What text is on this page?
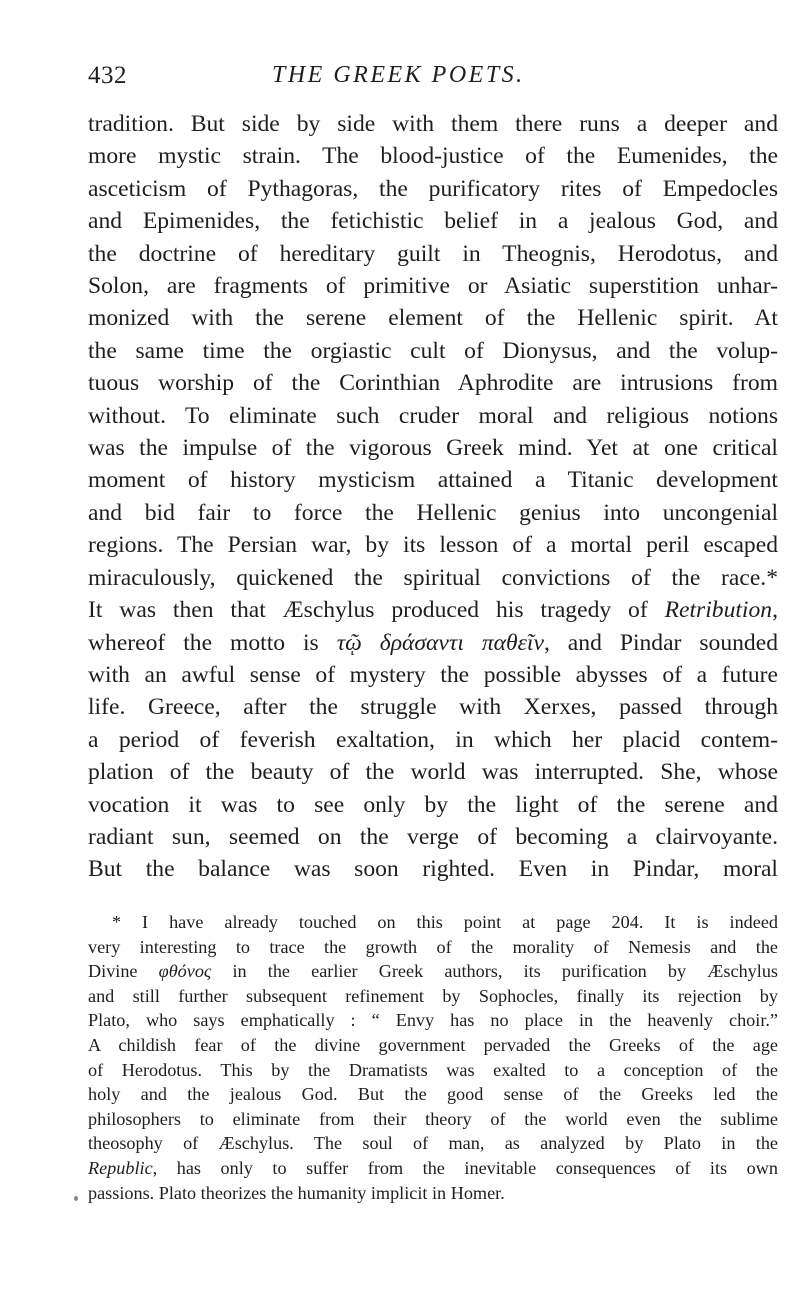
432	THE GREEK POETS.
tradition. But side by side with them there runs a deeper and
more mystic strain. The blood-justice of the Eumenides, the
asceticism of Pythagoras, the purificatory rites of Empedocles
and Epimenides, the fetichistic belief in a jealous God, and
the doctrine of hereditary guilt in Theognis, Herodotus, and
Solon, are fragments of primitive or Asiatic superstition unhar-
monized with the serene element of the Hellenic spirit. At
the same time the orgiastic cult of Dionysus, and the volup-
tuous worship of the Corinthian Aphrodite are intrusions from
without. To eliminate such cruder moral and religious notions
was the impulse of the vigorous Greek mind. Yet at one critical
moment of history mysticism attained a Titanic development
and bid fair to force the Hellenic genius into uncongenial
regions. The Persian war, by its lesson of a mortal peril escaped
miraculously, quickened the spiritual convictions of the race.*
It was then that Æschylus produced his tragedy of Retribution,
whereof the motto is τῷ δράσαντι παθεῖν, and Pindar sounded
with an awful sense of mystery the possible abysses of a future
life. Greece, after the struggle with Xerxes, passed through
a period of feverish exaltation, in which her placid contem-
plation of the beauty of the world was interrupted. She, whose
vocation it was to see only by the light of the serene and
radiant sun, seemed on the verge of becoming a clairvoyante.
But the balance was soon righted. Even in Pindar, moral
* I have already touched on this point at page 204. It is indeed
very interesting to trace the growth of the morality of Nemesis and the
Divine φθόνος in the earlier Greek authors, its purification by Æschylus
and still further subsequent refinement by Sophocles, finally its rejection by
Plato, who says emphatically : “ Envy has no place in the heavenly choir.”
A childish fear of the divine government pervaded the Greeks of the age
of Herodotus. This by the Dramatists was exalted to a conception of the
holy and the jealous God. But the good sense of the Greeks led the
philosophers to eliminate from their theory of the world even the sublime
theosophy of Æschylus. The soul of man, as analyzed by Plato in the
Republic, has only to suffer from the inevitable consequences of its own
passions. Plato theorizes the humanity implicit in Homer.
